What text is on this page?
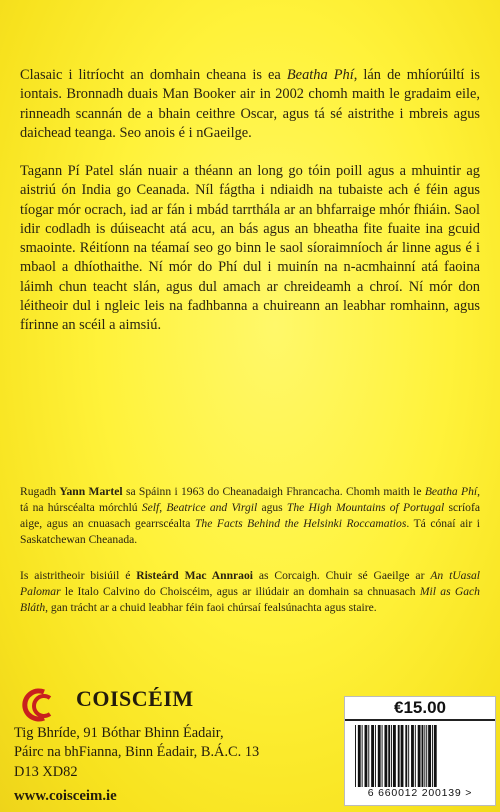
Clasaic i litríocht an domhain cheana is ea Beatha Phí, lán de mhíorúiltí is iontais. Bronnadh duais Man Booker air in 2002 chomh maith le gradaim eile, rinneadh scannán de a bhain ceithre Oscar, agus tá sé aistrithe i mbreis agus daichead teanga. Seo anois é i nGaeilge.

Tagann Pí Patel slán nuair a théann an long go tóin poill agus a mhuintir ag aistriú ón India go Ceanada. Níl fágtha i ndiaidh na tubaiste ach é féin agus tíogar mór ocrach, iad ar fán i mbád tarrthála ar an bhfarraige mhór fhiáin. Saol idir codladh is dúiseacht atá acu, an bás agus an bheatha fite fuaite ina gcuid smaointe. Réitíonn na téamaí seo go binn le saol síoraimníoch ár linne agus é i mbaol a dhíothaithe. Ní mór do Phí dul i muinín na n-acmhainní atá faoina láimh chun teacht slán, agus dul amach ar chreideamh a chroí. Ní mór don léitheoir dul i ngleic leis na fadhbanna a chuireann an leabhar romhainn, agus fírinne an scéil a aimsiú.

Rugadh Yann Martel sa Spáinn i 1963 do Cheanadaigh Fhrancacha. Chomh maith le Beatha Phí, tá na húrscéalta mórchlú Self, Beatrice and Virgil agus The High Mountains of Portugal scríofa aige, agus an cnuasach gearrscéalta The Facts Behind the Helsinki Roccamatios. Tá cónaí air i Saskatchewan Cheanada.

Is aistritheoir bisiúil é Risteárd Mac Annraoi as Corcaigh. Chuir sé Gaeilge ar An tUasal Palomar le Italo Calvino do Choiscéim, agus ar iliúdair an domhain sa chnuasach Mil as Gach Bláth, gan trácht ar a chuid leabhar féin faoi chúrsaí fealsúnachta agus staire.

COISCÉIM
Tig Bhríde, 91 Bóthar Bhinn Éadair,
Páirc na bhFianna, Binn Éadair, B.Á.C. 13
D13 XD82
www.coisceim.ie
€15.00
6 660012 200139 >
